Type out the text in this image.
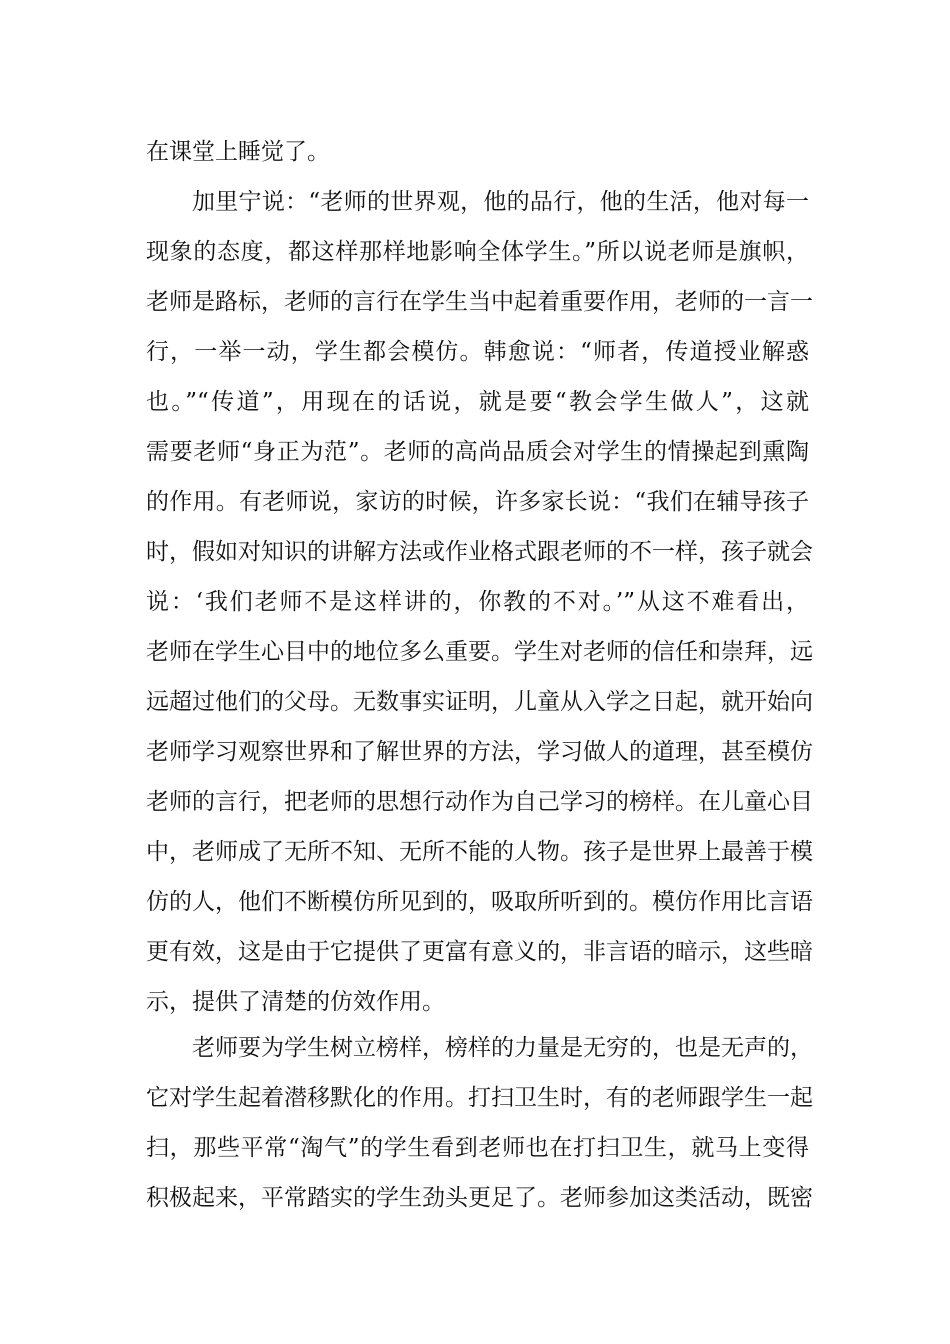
在课堂上睡觉了。
加里宁说：“老师的世界观，他的品行，他的生活，他对每一
现象的态度，都这样那样地影响全体学生。”所以说老师是旗帜，
老师是路标，老师的言行在学生当中起着重要作用，老师的一言一
行，一举一动，学生都会模仿。韩愈说：“师者，传道授业解惑
也。”“传道”，用现在的话说，就是要“教会学生做人”，这就
需要老师“身正为范”。老师的高尚品质会对学生的情操起到熏陶
的作用。有老师说，家访的时候，许多家长说：“我们在辅导孩子
时，假如对知识的讲解方法或作业格式跟老师的不一样，孩子就会
说：‘我们老师不是这样讲的，你教的不对。’”从这不难看出，
老师在学生心目中的地位多么重要。学生对老师的信任和崇拜，远
远超过他们的父母。无数事实证明，儿童从入学之日起，就开始向
老师学习观察世界和了解世界的方法，学习做人的道理，甚至模仿
老师的言行，把老师的思想行动作为自己学习的榜样。在儿童心目
中，老师成了无所不知、无所不能的人物。孩子是世界上最善于模
仿的人，他们不断模仿所见到的，吸取所听到的。模仿作用比言语
更有效，这是由于它提供了更富有意义的，非言语的暗示，这些暗
示，提供了清楚的仿效作用。
老师要为学生树立榜样，榜样的力量是无穷的，也是无声的，
它对学生起着潜移默化的作用。打扫卫生时，有的老师跟学生一起
扫，那些平常“淘气”的学生看到老师也在打扫卫生，就马上变得
积极起来，平常踏实的学生劲头更足了。老师参加这类活动，既密
